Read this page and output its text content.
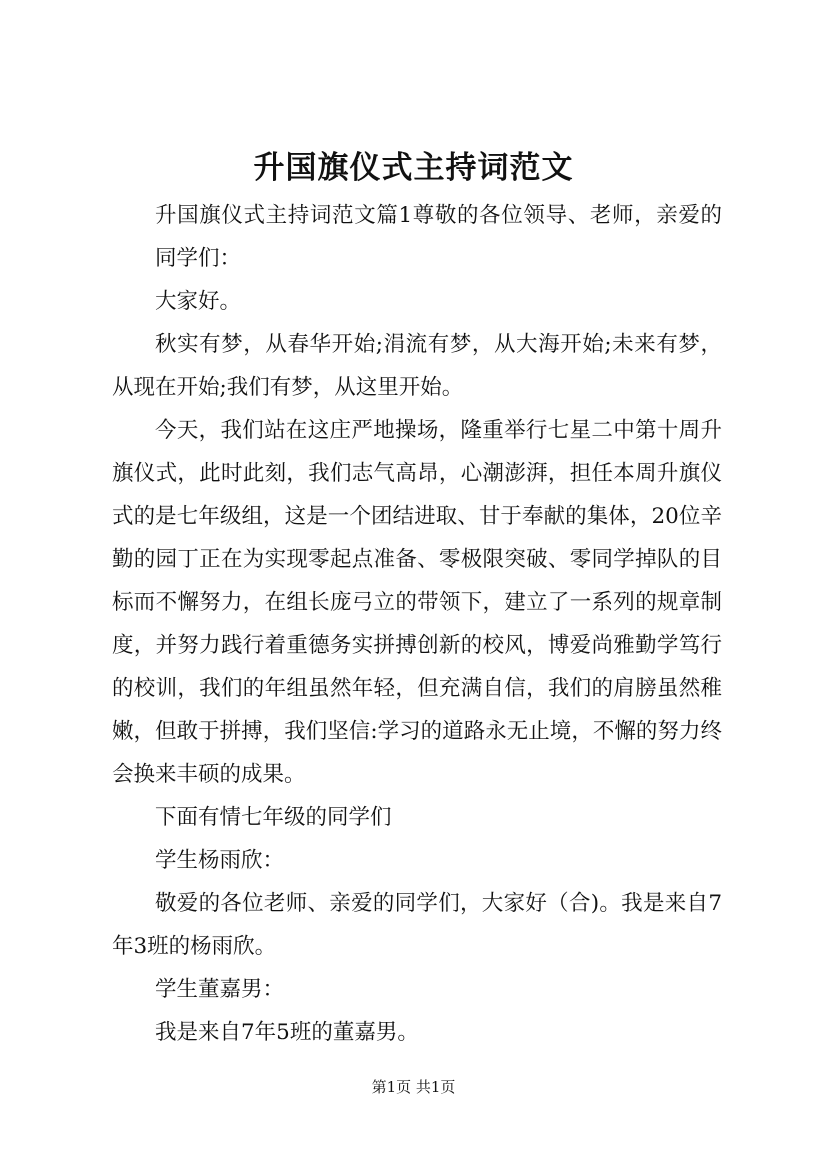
升国旗仪式主持词范文

升国旗仪式主持词范文篇1尊敬的各位领导、老师，亲爱的同学们：

大家好。

秋实有梦，从春华开始;涓流有梦，从大海开始;未来有梦，从现在开始;我们有梦，从这里开始。

今天，我们站在这庄严地操场，隆重举行七星二中第十周升旗仪式，此时此刻，我们志气高昂，心潮澎湃，担任本周升旗仪式的是七年级组，这是一个团结进取、甘于奉献的集体，20位辛勤的园丁正在为实现零起点准备、零极限突破、零同学掉队的目标而不懈努力，在组长庞弓立的带领下，建立了一系列的规章制度，并努力践行着重德务实拼搏创新的校风，博爱尚雅勤学笃行的校训，我们的年组虽然年轻，但充满自信，我们的肩膀虽然稚嫩，但敢于拼搏，我们坚信:学习的道路永无止境，不懈的努力终会换来丰硕的成果。

下面有情七年级的同学们

学生杨雨欣：

敬爱的各位老师、亲爱的同学们，大家好（合)。我是来自7年3班的杨雨欣。

学生董嘉男：

我是来自7年5班的董嘉男。

第1页 共1页
